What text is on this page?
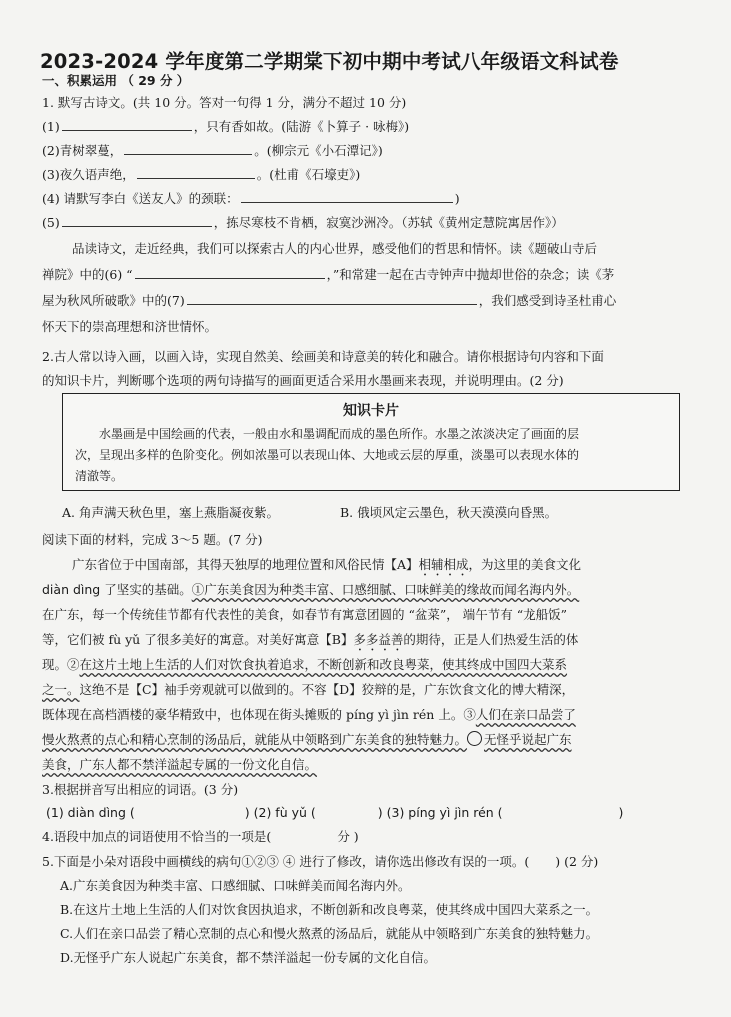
2023-2024 学年度第二学期棠下初中期中考试八年级语文科试卷
一、积累运用 （ 29 分 ）
1. 默写古诗文。(共 10 分。答对一句得 1 分，满分不超过 10 分)
(1)	，只有香如故。(陆游《卜算子 · 咏梅》)
(2)青树翠蔓，	。(柳宗元《小石潭记》)
(3)夜久语声绝，	。(杜甫《石壕吏》)
(4) 请默写李白《送友人》的颈联：	)
(5)	，拣尽寒枝不肯栖，寂寞沙洲冷。（苏轼《黄州定慧院寓居作》）
品读诗文，走近经典，我们可以探索古人的内心世界，感受他们的哲思和情怀。读《题破山寺后
禅院》中的(6) “	，”和常建一起在古寺钟声中抛却世俗的杂念；读《茅
屋为秋风所破歌》中的(7)	，我们感受到诗圣杜甫心
怀天下的崇高理想和济世情怀。
2.古人常以诗入画，以画入诗，实现自然美、绘画美和诗意美的转化和融合。请你根据诗句内容和下面
的知识卡片，判断哪个选项的两句诗描写的画面更适合采用水墨画来表现，并说明理由。(2 分)
知识卡片
水墨画是中国绘画的代表，一般由水和墨调配而成的墨色所作。水墨之浓淡决定了画面的层
次，呈现出多样的色阶变化。例如浓墨可以表现山体、大地或云层的厚重，淡墨可以表现水体的
清澈等。
A. 角声满天秋色里，塞上燕脂凝夜紫。	B. 俄顷风定云墨色，秋天漠漠向昏黑。
阅读下面的材料，完成 3～5 题。(7 分)
广东省位于中国南部，其得天独厚的地理位置和风俗民情【A】相辅相成，为这里的美食文化
diàn dìng 了坚实的基础。①广东美食因为种类丰富、口感细腻、口味鲜美的缘故而闻名海内外。
在广东，每一个传统佳节都有代表性的美食，如春节有寓意团圆的 “盆菜”， 端午节有 “龙船饭”
等，它们被 fù yǔ 了很多美好的寓意。对美好寓意【B】多多益善的期待，正是人们热爱生活的体
现。②在这片土地上生活的人们对饮食执着追求，不断创新和改良粤菜，使其终成中国四大菜系
之一。这绝不是【C】袖手旁观就可以做到的。不容【D】狡辩的是，广东饮食文化的博大精深，
既体现在高档酒楼的豪华精致中，也体现在街头摊贩的 píng yì jìn rén 上。③人们在亲口品尝了
慢火熬煮的点心和精心烹制的汤品后，就能从中领略到广东美食的独特魅力。 无怪乎说起广东
美食，广东人都不禁洋溢起专属的一份文化自信。
3.根据拼音写出相应的词语。(3 分)
(1) diàn dìng (	) (2) fù yǔ (	) (3) píng yì jìn rén (	)
4.语段中加点的词语使用不恰当的一项是(	分 )
5.下面是小朵对语段中画横线的病句①②③ ④ 进行了修改，请你选出修改有误的一项。( ) (2 分)
A.广东美食因为种类丰富、口感细腻、口味鲜美而闻名海内外。
B.在这片土地上生活的人们对饮食因执追求，不断创新和改良粤菜，使其终成中国四大菜系之一。
C.人们在亲口品尝了精心烹制的点心和慢火熬煮的汤品后，就能从中领略到广东美食的独特魅力。
D.无怪乎广东人说起广东美食，都不禁洋溢起一份专属的文化自信。
